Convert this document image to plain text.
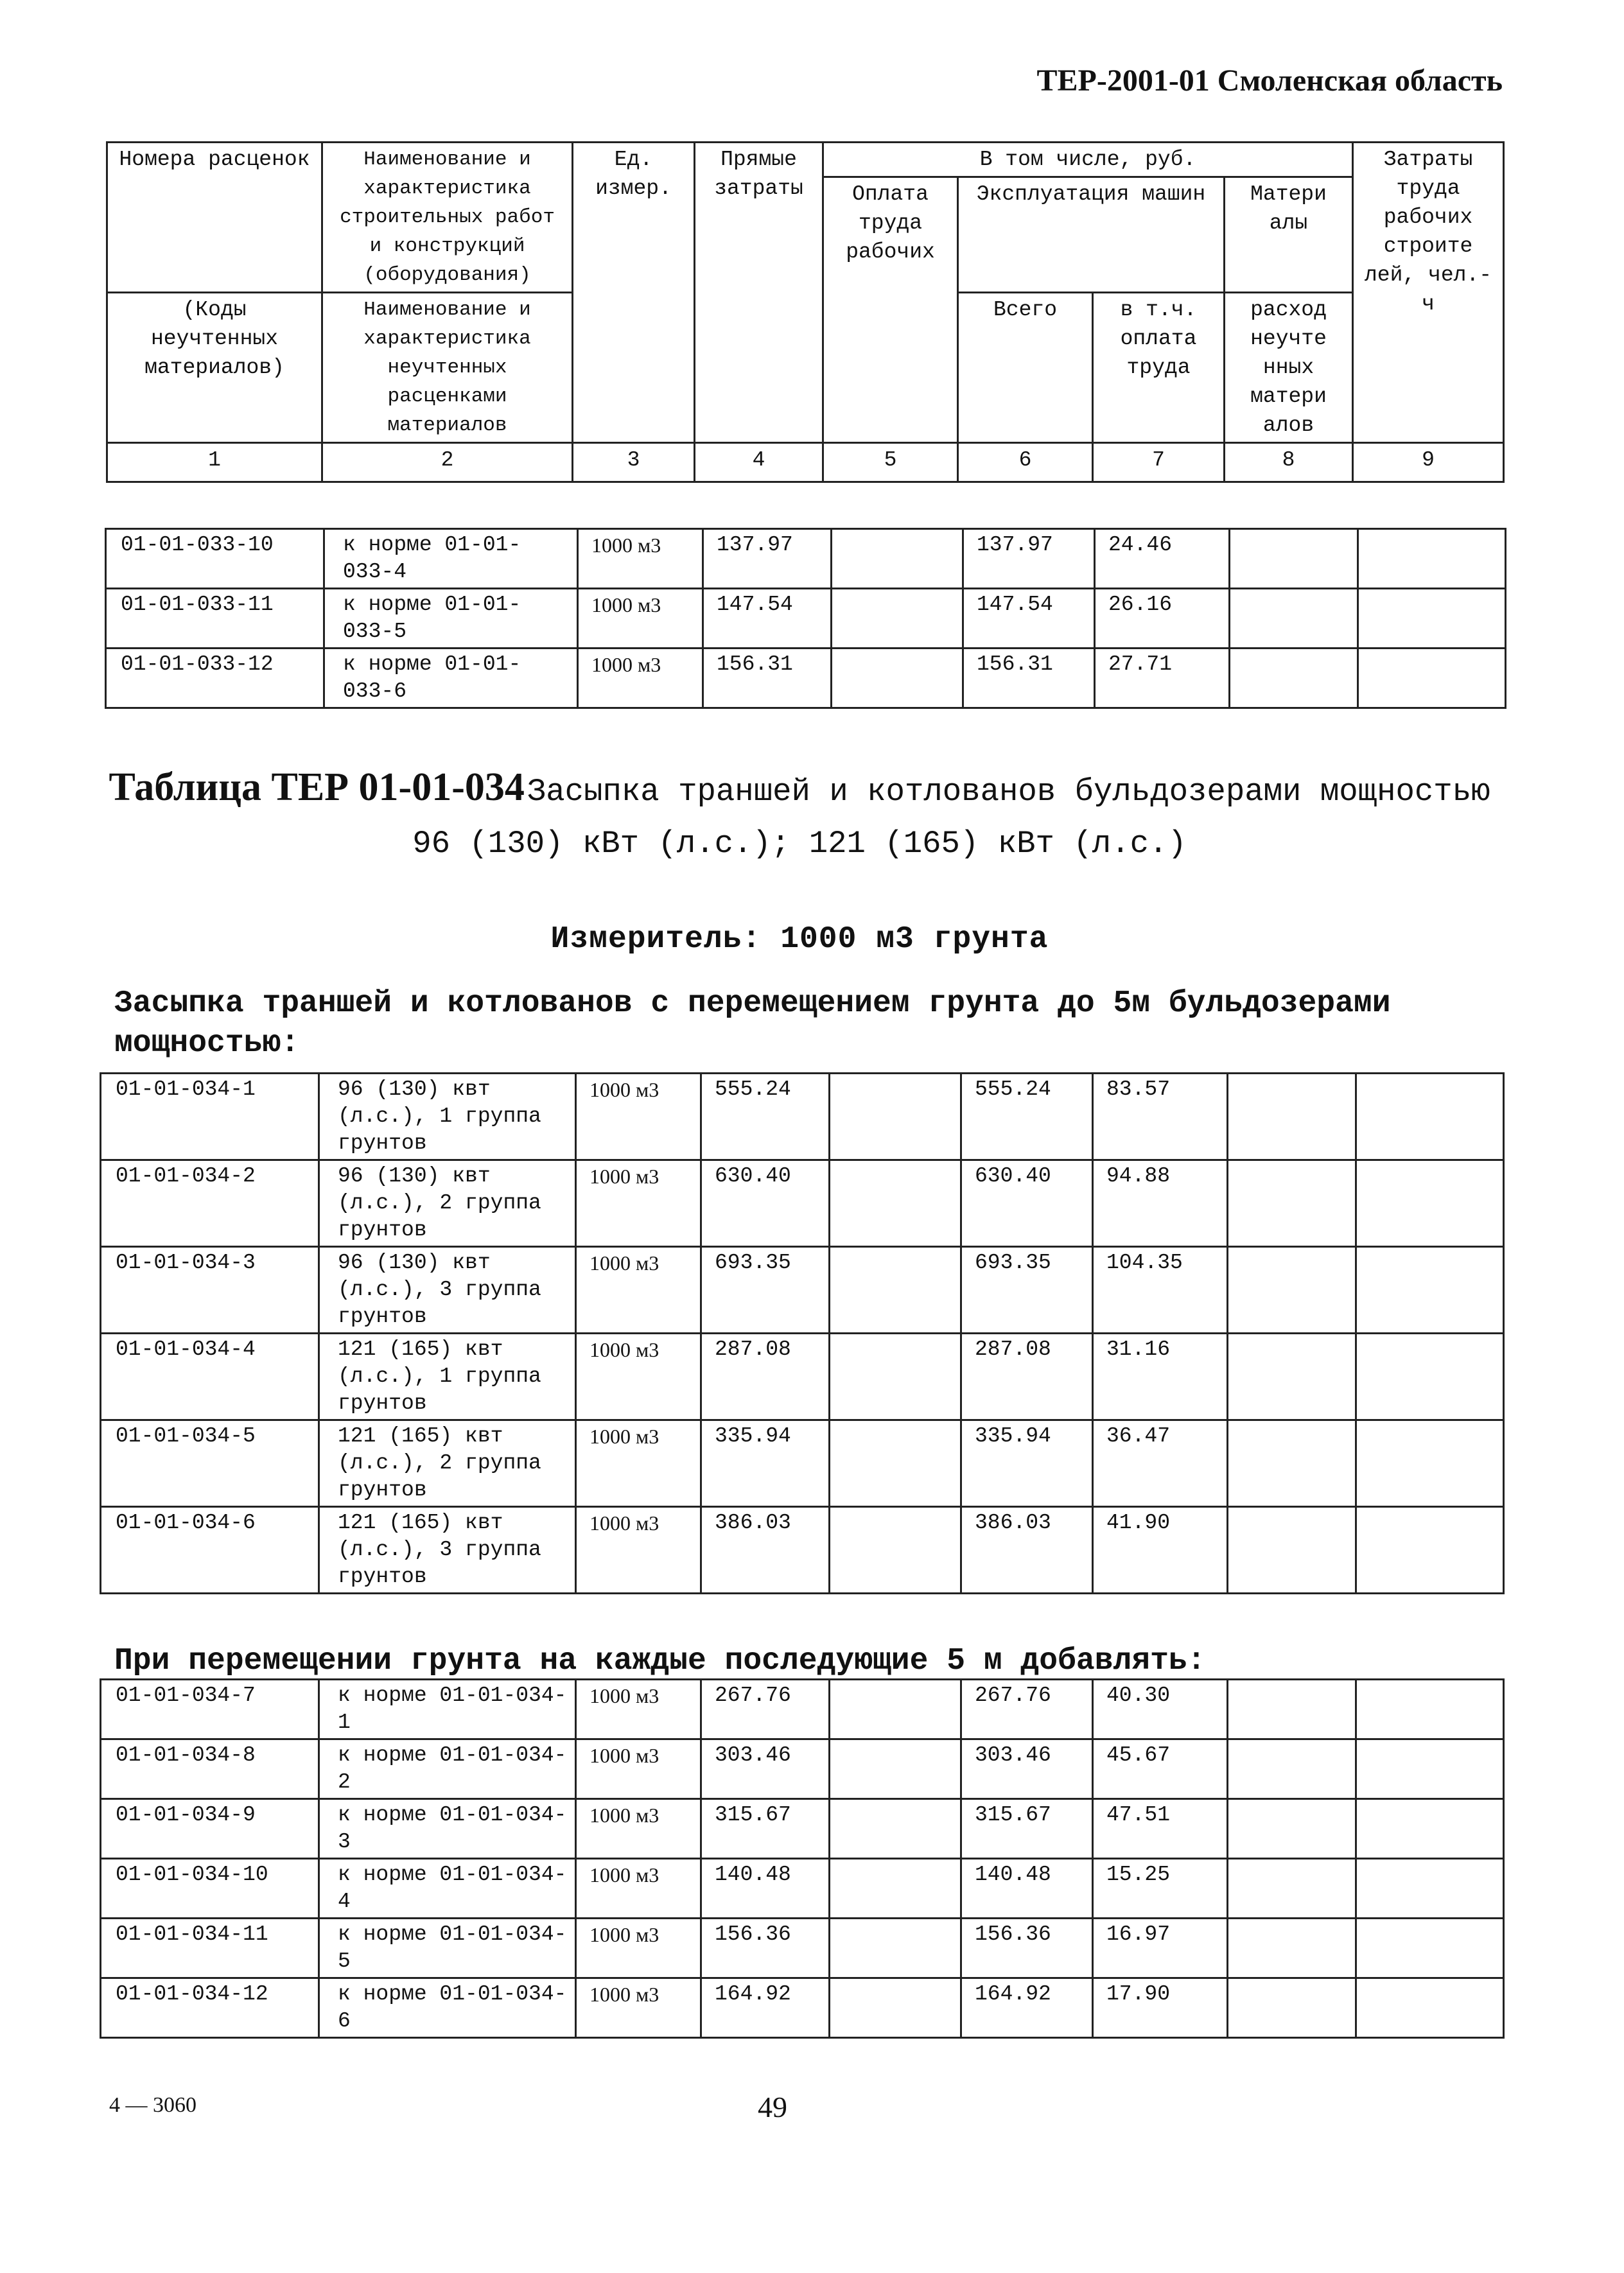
ТЕР-2001-01 Смоленская область
Номера расценок	Наименование и характеристика строительных работ и конструкций (оборудования)	Ед. измер.	Прямые затраты	В том числе, руб.				Затраты труда рабочих строите лей, чел.-ч
				Оплата труда рабочих	Эксплуатация машин		Матери алы	
(Коды неучтенных материалов)	Наименование и характеристика неучтенных расценками материалов				Всего	в т.ч. оплата труда	расход неучте нных матери алов	
1	2	3	4	5	6	7	8	9
01-01-033-10	к норме 01-01-033-4	1000 м3	137.97		137.97	24.46		
01-01-033-11	к норме 01-01-033-5	1000 м3	147.54		147.54	26.16		
01-01-033-12	к норме 01-01-033-6	1000 м3	156.31		156.31	27.71		
Таблица ТЕР 01-01-034 Засыпка траншей и котлованов бульдозерами мощностью 96 (130) кВт (л.с.); 121 (165) кВт (л.с.)
Измеритель: 1000 м3 грунта
Засыпка траншей и котлованов с перемещением грунта до 5м бульдозерами мощностью:
01-01-034-1	96 (130) квт (л.с.), 1 группа грунтов	1000 м3	555.24		555.24	83.57		
01-01-034-2	96 (130) квт (л.с.), 2 группа грунтов	1000 м3	630.40		630.40	94.88		
01-01-034-3	96 (130) квт (л.с.), 3 группа грунтов	1000 м3	693.35		693.35	104.35		
01-01-034-4	121 (165) квт (л.с.), 1 группа грунтов	1000 м3	287.08		287.08	31.16		
01-01-034-5	121 (165) квт (л.с.), 2 группа грунтов	1000 м3	335.94		335.94	36.47		
01-01-034-6	121 (165) квт (л.с.), 3 группа грунтов	1000 м3	386.03		386.03	41.90		
При перемещении грунта на каждые последующие 5 м добавлять:
01-01-034-7	к норме 01-01-034-1	1000 м3	267.76		267.76	40.30		
01-01-034-8	к норме 01-01-034-2	1000 м3	303.46		303.46	45.67		
01-01-034-9	к норме 01-01-034-3	1000 м3	315.67		315.67	47.51		
01-01-034-10	к норме 01-01-034-4	1000 м3	140.48		140.48	15.25		
01-01-034-11	к норме 01-01-034-5	1000 м3	156.36		156.36	16.97		
01-01-034-12	к норме 01-01-034-6	1000 м3	164.92		164.92	17.90		
4 — 3060	49
